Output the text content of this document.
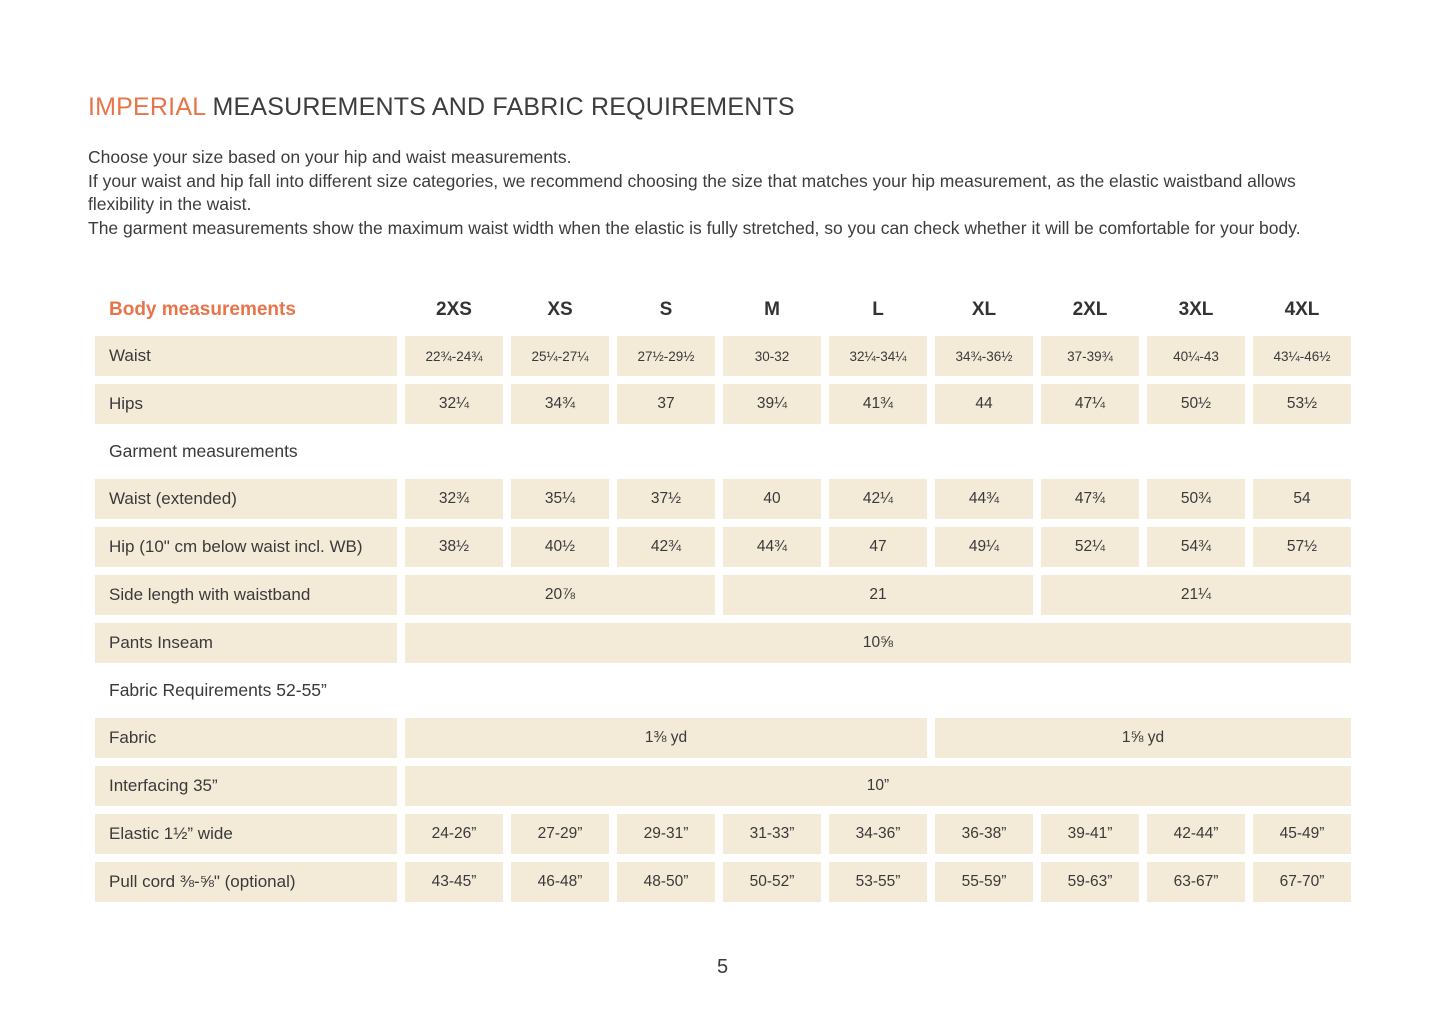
IMPERIAL MEASUREMENTS AND FABRIC REQUIREMENTS

Choose your size based on your hip and waist measurements.

If your waist and hip fall into different size categories, we recommend choosing the size that matches your hip measurement, as the elastic waistband allows flexibility in the waist.

The garment measurements show the maximum waist width when the elastic is fully stretched, so you can check whether it will be comfortable for your body.

Body measurements	2XS	XS	S	M	L	XL	2XL	3XL	4XL
Waist	22¾-24¾	25¼-27¼	27½-29½	30-32	32¼-34¼	34¾-36½	37-39¾	40¼-43	43¼-46½
Hips	32¼	34¾	37	39¼	41¾	44	47¼	50½	53½
Garment measurements
Waist (extended)	32¾	35¼	37½	40	42¼	44¾	47¾	50¾	54
Hip (10" cm below waist incl. WB)	38½	40½	42¾	44¾	47	49¼	52¼	54¾	57½
Side length with waistband	20⅞	21	21¼
Pants Inseam	10⅝
Fabric Requirements 52-55”
Fabric	1⅜ yd	1⅝ yd
Interfacing 35”	10”
Elastic 1½” wide	24-26”	27-29”	29-31”	31-33”	34-36”	36-38”	39-41”	42-44”	45-49”
Pull cord ⅜-⅝" (optional)	43-45”	46-48”	48-50”	50-52”	53-55”	55-59”	59-63”	63-67”	67-70”
5
